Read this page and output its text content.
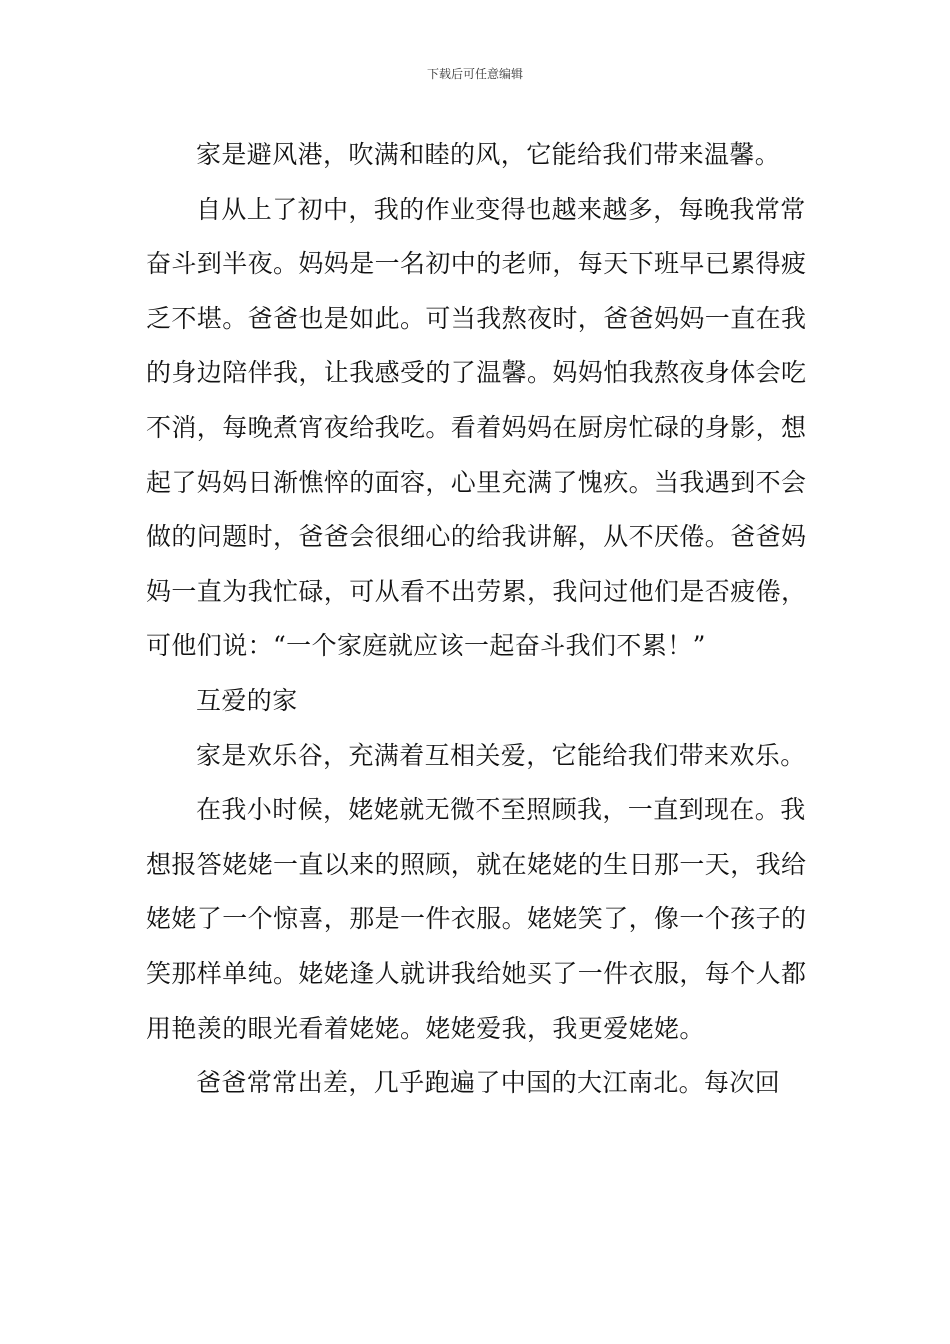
下载后可任意编辑

家是避风港，吹满和睦的风，它能给我们带来温馨。

自从上了初中，我的作业变得也越来越多，每晚我常常奋斗到半夜。妈妈是一名初中的老师，每天下班早已累得疲乏不堪。爸爸也是如此。可当我熬夜时，爸爸妈妈一直在我的身边陪伴我，让我感受的了温馨。妈妈怕我熬夜身体会吃不消，每晚煮宵夜给我吃。看着妈妈在厨房忙碌的身影，想起了妈妈日渐憔悴的面容，心里充满了愧疚。当我遇到不会做的问题时，爸爸会很细心的给我讲解，从不厌倦。爸爸妈妈一直为我忙碌，可从看不出劳累，我问过他们是否疲倦，可他们说：“一个家庭就应该一起奋斗我们不累！”

互爱的家

家是欢乐谷，充满着互相关爱，它能给我们带来欢乐。

在我小时候，姥姥就无微不至照顾我，一直到现在。我想报答姥姥一直以来的照顾，就在姥姥的生日那一天，我给姥姥了一个惊喜，那是一件衣服。姥姥笑了，像一个孩子的笑那样单纯。姥姥逢人就讲我给她买了一件衣服，每个人都用艳羡的眼光看着姥姥。姥姥爱我，我更爱姥姥。

爸爸常常出差，几乎跑遍了中国的大江南北。每次回
